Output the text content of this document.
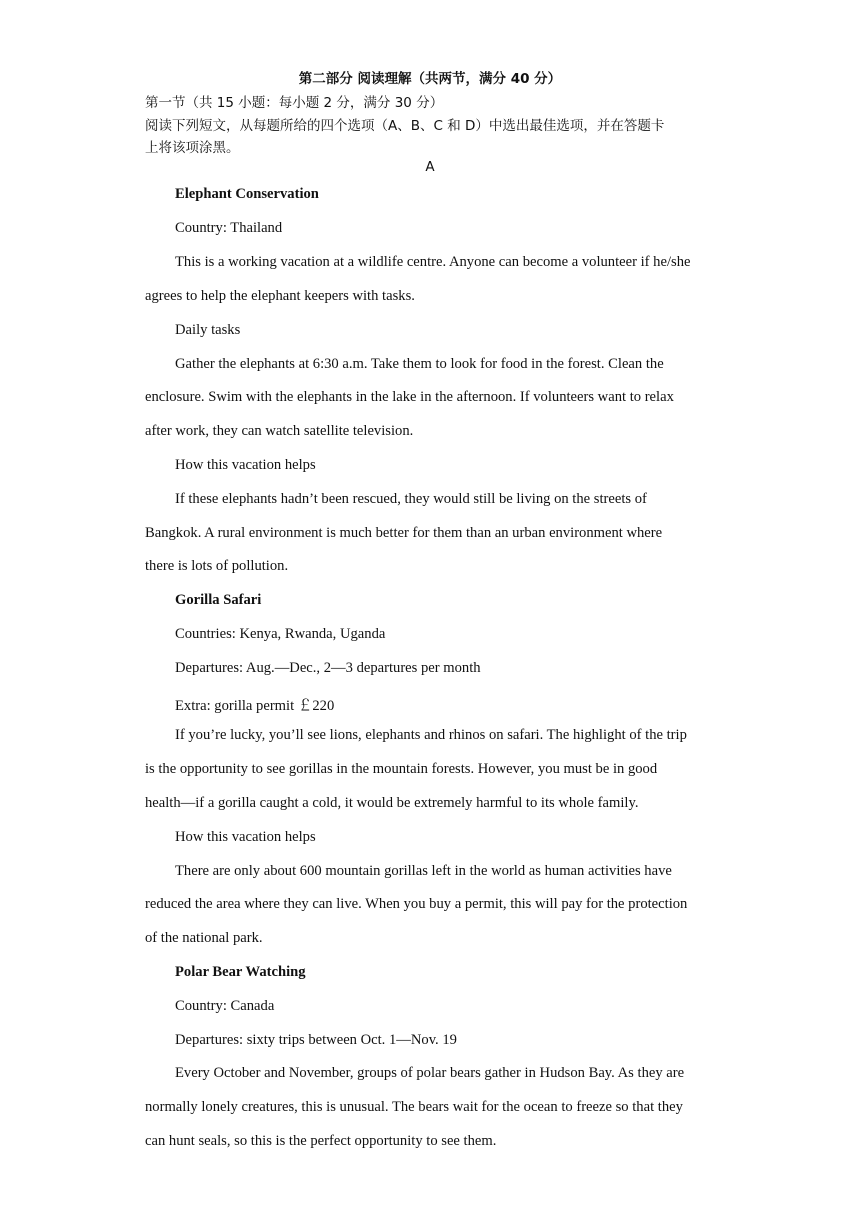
第二部分 阅读理解（共两节，满分 40 分）
第一节（共 15 小题：每小题 2 分，满分 30 分）
阅读下列短文，从每题所给的四个选项（A、B、C 和 D）中选出最佳选项，并在答题卡
上将该项涂黑。
A
Elephant Conservation
Country: Thailand
This is a working vacation at a wildlife centre. Anyone can become a volunteer if he/she
agrees to help the elephant keepers with tasks.
Daily tasks
Gather the elephants at 6:30 a.m. Take them to look for food in the forest. Clean the
enclosure. Swim with the elephants in the lake in the afternoon. If volunteers want to relax
after work, they can watch satellite television.
How this vacation helps
If these elephants hadn’t been rescued, they would still be living on the streets of
Bangkok. A rural environment is much better for them than an urban environment where
there is lots of pollution.
Gorilla Safari
Countries: Kenya, Rwanda, Uganda
Departures: Aug.—Dec., 2—3 departures per month
Extra: gorilla permit ￡220
If you’re lucky, you’ll see lions, elephants and rhinos on safari. The highlight of the trip
is the opportunity to see gorillas in the mountain forests. However, you must be in good
health—if a gorilla caught a cold, it would be extremely harmful to its whole family.
How this vacation helps
There are only about 600 mountain gorillas left in the world as human activities have
reduced the area where they can live. When you buy a permit, this will pay for the protection
of the national park.
Polar Bear Watching
Country: Canada
Departures: sixty trips between Oct. 1—Nov. 19
Every October and November, groups of polar bears gather in Hudson Bay. As they are
normally lonely creatures, this is unusual. The bears wait for the ocean to freeze so that they
can hunt seals, so this is the perfect opportunity to see them.
